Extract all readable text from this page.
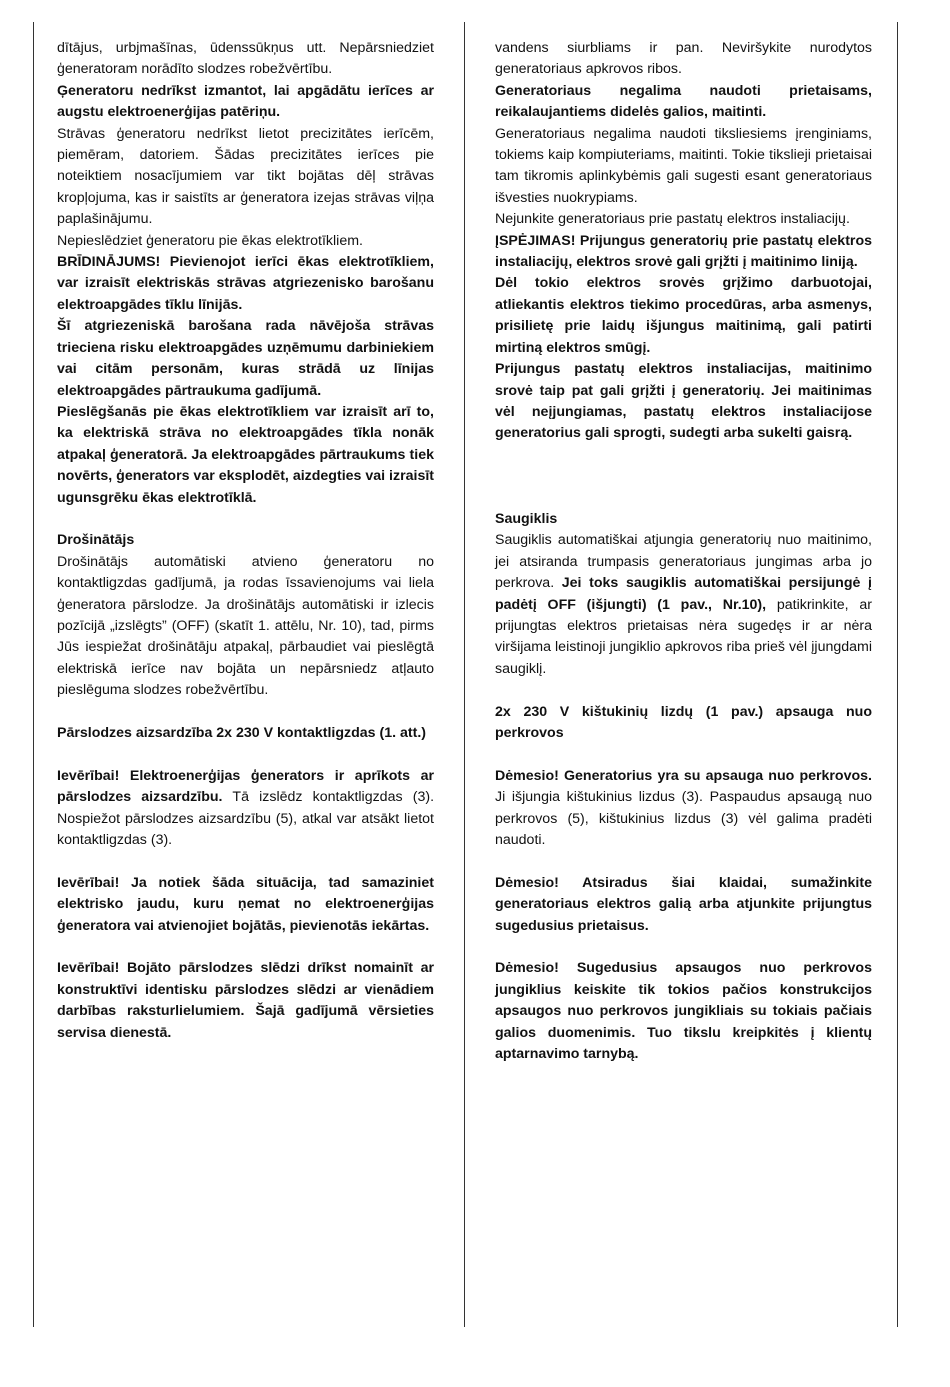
dītājus, urbjmašīnas, ūdenssūkņus utt. Nepārsniedziet ģeneratoram norādīto slodzes robežvērtību.

Ģeneratoru nedrīkst izmantot, lai apgādātu ierīces ar augstu elektroenerģijas patēriņu.

Strāvas ģeneratoru nedrīkst lietot precizitātes ierīcēm, piemēram, datoriem. Šādas precizitātes ierīces pie noteiktiem nosacījumiem var tikt bojātas dēļ strāvas kropļojuma, kas ir saistīts ar ģeneratora izejas strāvas viļņa paplašinājumu.

Nepieslēdziet ģeneratoru pie ēkas elektrotīkliem.

BRĪDINĀJUMS! Pievienojot ierīci ēkas elektrotīkliem, var izraisīt elektriskās strāvas atgriezenisko barošanu elektroapgādes tīklu līnijās.

Šī atgriezeniskā barošana rada nāvējoša strāvas trieciena risku elektroapgādes uzņēmumu darbiniekiem vai citām personām, kuras strādā uz līnijas elektroapgādes pārtraukuma gadījumā.

Pieslēgšanās pie ēkas elektrotīkliem var izraisīt arī to, ka elektriskā strāva no elektroapgādes tīkla nonāk atpakaļ ģeneratorā. Ja elektroapgādes pārtraukums tiek novērts, ģenerators var eksplodēt, aizdegties vai izraisīt ugunsgrēku ēkas elektrotīklā.

Drošinātājs

Drošinātājs automātiski atvieno ģeneratoru no kontaktligzdas gadījumā, ja rodas īssavienojums vai liela ģeneratora pārslodze. Ja drošinātājs automātiski ir izlecis pozīcijā „izslēgts” (OFF) (skatīt 1. attēlu, Nr. 10), tad, pirms Jūs iespiežat drošinātāju atpakaļ, pārbaudiet vai pieslēgtā elektriskā ierīce nav bojāta un nepārsniedz atļauto pieslēguma slodzes robežvērtību.

Pārslodzes aizsardzība 2x 230 V kontaktligzdas (1. att.)

Ievērībai! Elektroenerģijas ģenerators ir aprīkots ar pārslodzes aizsardzību. Tā izslēdz kontaktligzdas (3). Nospiežot pārslodzes aizsardzību (5), atkal var atsākt lietot kontaktligzdas (3).

Ievērībai! Ja notiek šāda situācija, tad samaziniet elektrisko jaudu, kuru ņemat no elektroenerģijas ģeneratora vai atvienojiet bojātās, pievienotās iekārtas.

Ievērībai! Bojāto pārslodzes slēdzi drīkst nomainīt ar konstruktīvi identisku pārslodzes slēdzi ar vienādiem darbības raksturlielumiem. Šajā gadījumā vērsieties servisa dienestā.

vandens siurbliams ir pan. Neviršykite nurodytos generatoriaus apkrovos ribos.

Generatoriaus negalima naudoti prietaisams, reikalaujantiems didelės galios, maitinti.

Generatoriaus negalima naudoti tiksliesiems įrenginiams, tokiems kaip kompiuteriams, maitinti. Tokie tikslieji prietaisai tam tikromis aplinkybėmis gali sugesti esant generatoriaus išvesties nuokrypiams.

Nejunkite generatoriaus prie pastatų elektros instaliacijų.

ĮSPĖJIMAS! Prijungus generatorių prie pastatų elektros instaliacijų, elektros srovė gali grįžti į maitinimo liniją.

Dėl tokio elektros srovės grįžimo darbuotojai, atliekantis elektros tiekimo procedūras, arba asmenys, prisilietę prie laidų išjungus maitinimą, gali patirti mirtiną elektros smūgį.

Prijungus pastatų elektros instaliacijas, maitinimo srovė taip pat gali grįžti į generatorių. Jei maitinimas vėl neįjungiamas, pastatų elektros instaliacijose generatorius gali sprogti, sudegti arba sukelti gaisrą.

Saugiklis

Saugiklis automatiškai atjungia generatorių nuo maitinimo, jei atsiranda trumpasis generatoriaus jungimas arba jo perkrova. Jei toks saugiklis automatiškai persijungė į padėtį OFF (išjungti) (1 pav., Nr.10), patikrinkite, ar prijungtas elektros prietaisas nėra sugedęs ir ar nėra viršijama leistinoji jungiklio apkrovos riba prieš vėl įjungdami saugiklį.

2x 230 V kištukinių lizdų (1 pav.) apsauga nuo perkrovos

Dėmesio! Generatorius yra su apsauga nuo perkrovos. Ji išjungia kištukinius lizdus (3). Paspaudus apsaugą nuo perkrovos (5), kištukinius lizdus (3) vėl galima pradėti naudoti.

Dėmesio! Atsiradus šiai klaidai, sumažinkite generatoriaus elektros galią arba atjunkite prijungtus sugedusius prietaisus.

Dėmesio! Sugedusius apsaugos nuo perkrovos jungiklius keiskite tik tokios pačios konstrukcijos apsaugos nuo perkrovos jungikliais su tokiais pačiais galios duomenimis. Tuo tikslu kreipkitės į klientų aptarnavimo tarnybą.
